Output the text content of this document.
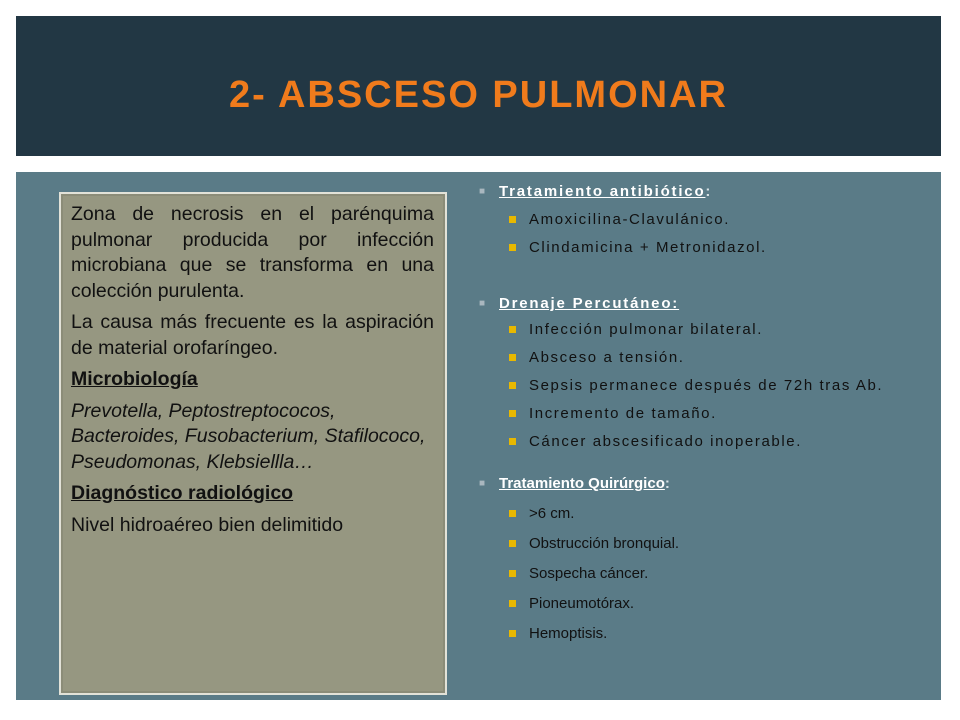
2- ABSCESO PULMONAR

Zona de necrosis en el parénquima pulmonar producida por infección microbiana que se transforma en una colección purulenta.

La causa más frecuente es la aspiración de material orofaríngeo.

Microbiología

Prevotella, Peptostreptococos, Bacteroides, Fusobacterium, Stafilococo, Pseudomonas, Klebsiellla…

Diagnóstico radiológico

Nivel hidroaéreo bien delimitido

■ Tratamiento antibiótico:
Amoxicilina-Clavulánico.
Clindamicina + Metronidazol.
■ Drenaje Percutáneo:
Infección pulmonar bilateral.
Absceso a tensión.
Sepsis permanece después de 72h tras Ab.
Incremento de tamaño.
Cáncer abscesificado inoperable.
■ Tratamiento Quirúrgico:
>6 cm.
Obstrucción bronquial.
Sospecha cáncer.
Pioneumotórax.
Hemoptisis.
